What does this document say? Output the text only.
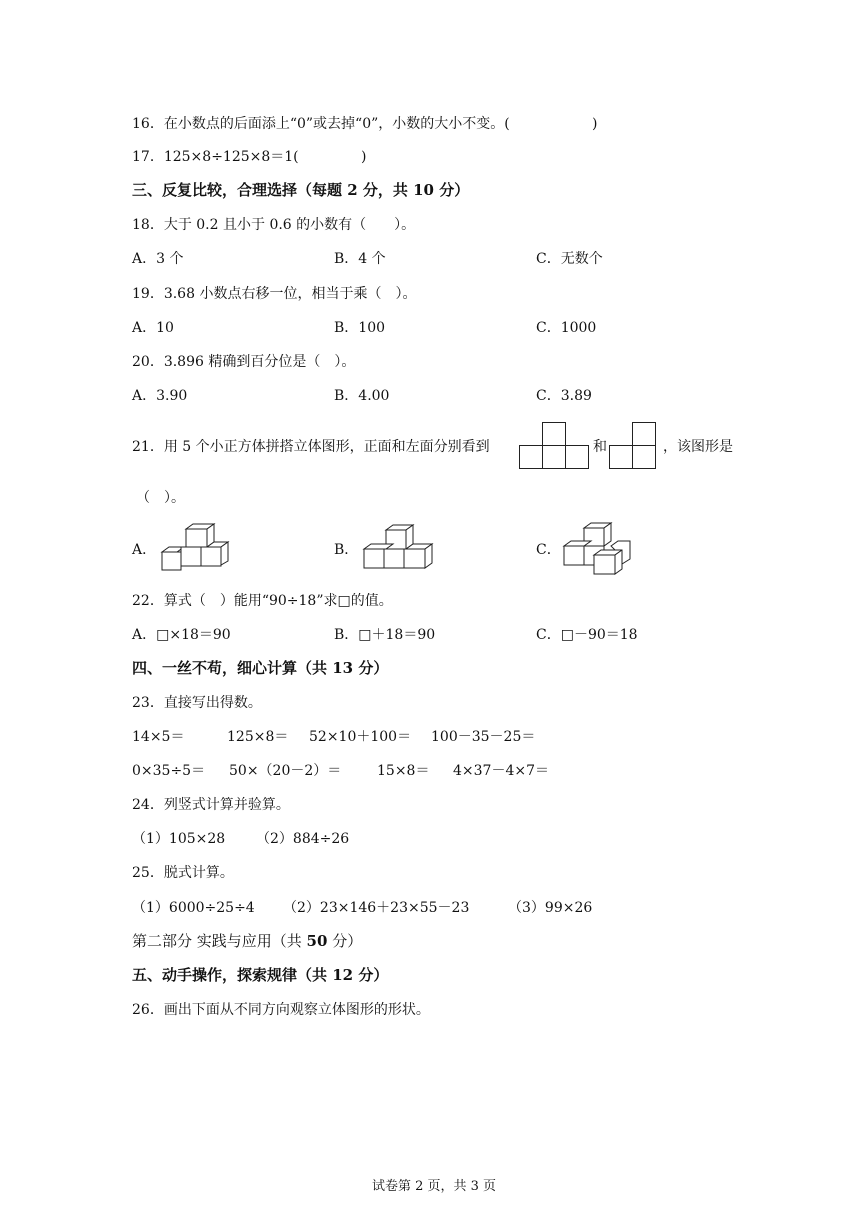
16．在小数点的后面添上“0”或去掉“0”，小数的大小不变。(	)
17．125×8÷125×8＝1(	)
三、反复比较，合理选择（每题 2 分，共 10 分）
18．大于 0.2 且小于 0.6 的小数有（　　）。
A．3 个	B．4 个	C．无数个
19．3.68 小数点右移一位，相当于乘（　）。
A．10	B．100	C．1000
20．3.896 精确到百分位是（　）。
A．3.90	B．4.00	C．3.89
21．用 5 个小正方体拼搭立体图形，正面和左面分别看到	和	，该图形是
（　）。
A．	B．	C．
22．算式（　）能用“90÷18”求□的值。
A．□×18＝90	B．□＋18＝90	C．□－90＝18
四、一丝不苟，细心计算（共 13 分）
23．直接写出得数。
14×5＝	125×8＝ 52×10＋100＝ 100－35－25＝
0×35÷5＝ 50×（20－2）＝	15×8＝ 4×37－4×7＝
24．列竖式计算并验算。
（1）105×28 （2）884÷26
25．脱式计算。
（1）6000÷25÷4 （2）23×146＋23×55－23	（3）99×26
第二部分 实践与应用（共 50 分）
五、动手操作，探索规律（共 12 分）
26．画出下面从不同方向观察立体图形的形状。
试卷第 2 页，共 3 页
